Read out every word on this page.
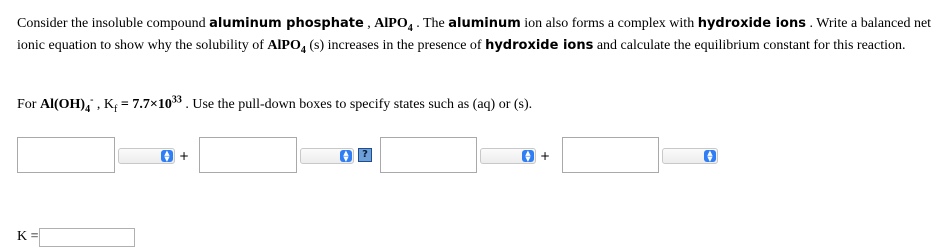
Consider the insoluble compound aluminum phosphate , AlPO$_4$ . The aluminum ion also forms a complex with hydroxide ions . Write a balanced net ionic equation to show why the solubility of AlPO$_4$ (s) increases in the presence of hydroxide ions and calculate the equilibrium constant for this reaction.

For $Al(OH)_4^-$ , $K_f = 7.7\times 10^{33}$ . Use the pull-down boxes to specify states such as (aq) or (s).
▲
▼ +	▲
▼	?	▲
▼ +	▲
▼
K =
